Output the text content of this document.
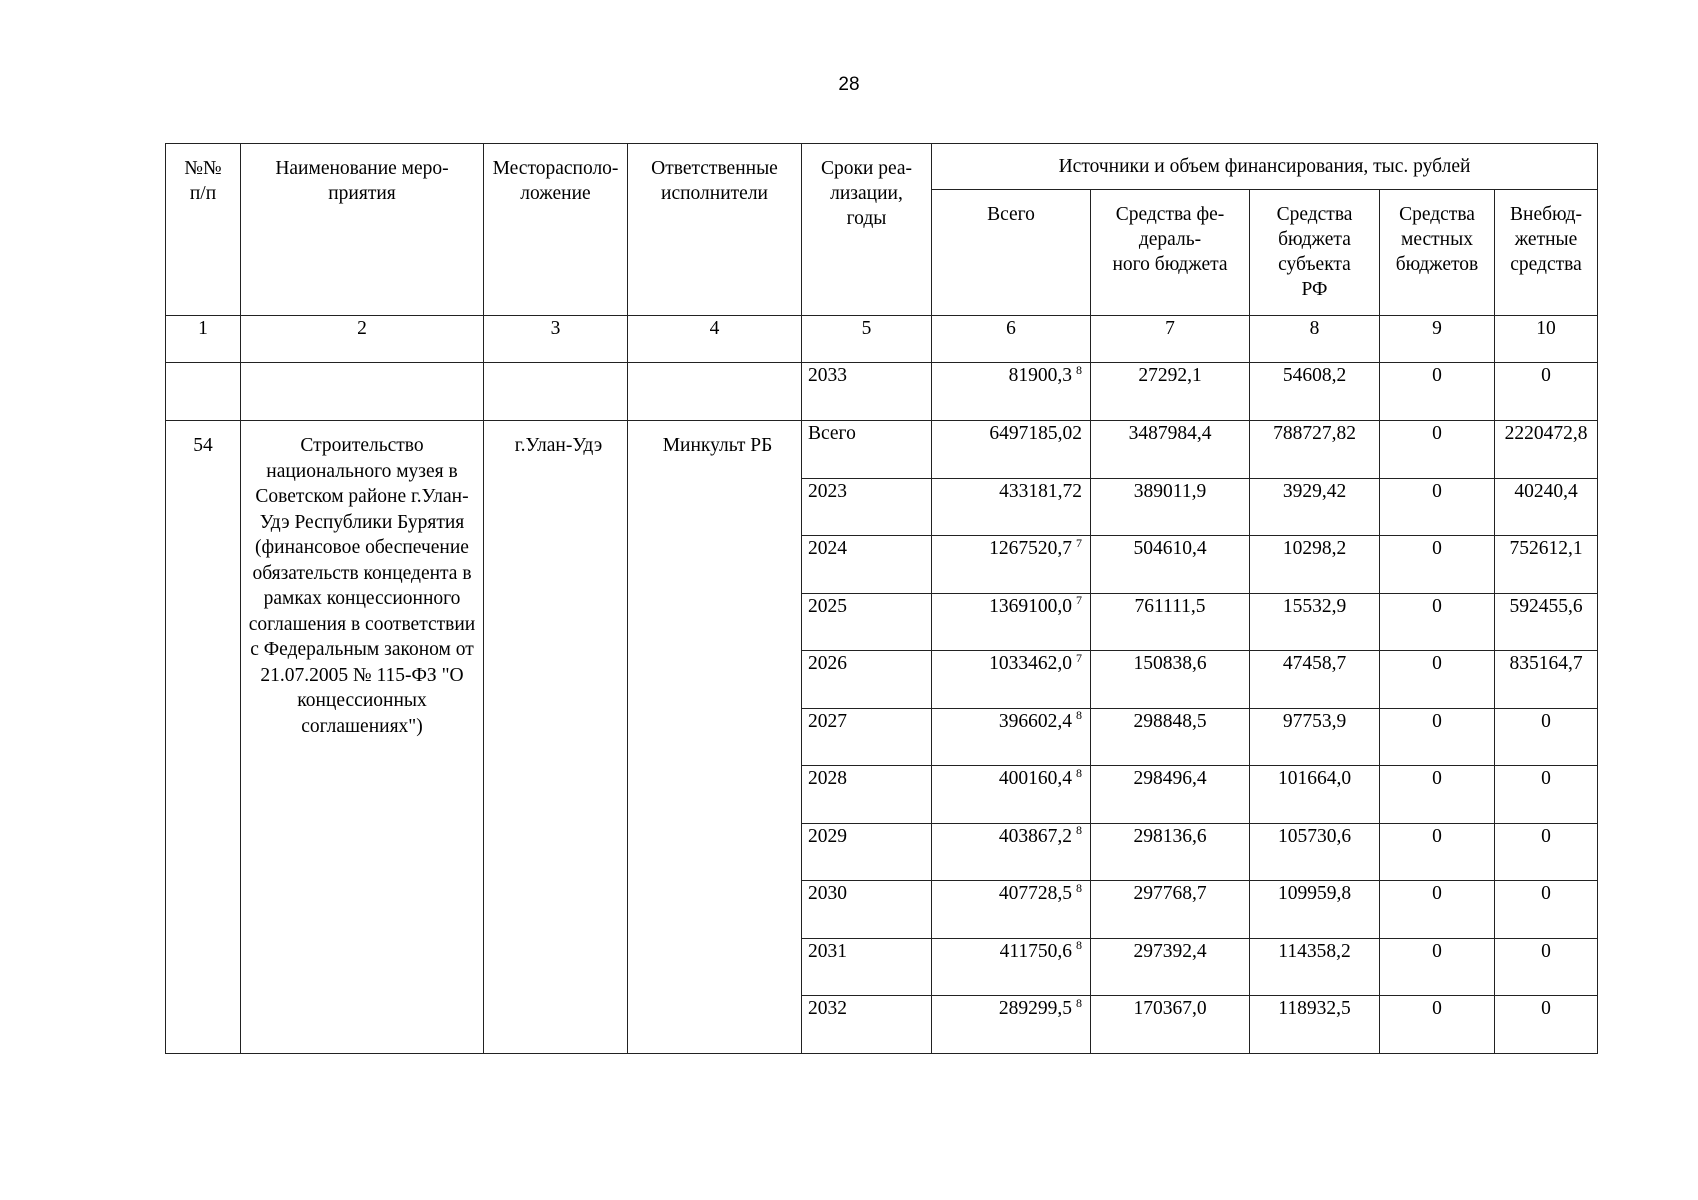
28
№№
п/п	Наименование меро-
приятия	Месторасполо-
ложение	Ответственные
исполнители	Сроки реа-
лизации,
годы	Источники и объем финансирования, тыс. рублей				
					Всего	Средства фе-
дераль-
ного бюджета	Средства
бюджета
субъекта
РФ	Средства
местных
бюджетов	Внебюд-
жетные
средства
1	2	3	4	5	6	7	8	9	10
				2033	81900,3 $^8$	27292,1	54608,2	0	0
54	Строительство национального музея в Советском районе г.Улан-Удэ Республики Бурятия (финансовое обеспечение обязательств концедента в рамках концессионного соглашения в соответствии с Федеральным законом от 21.07.2005 № 115-ФЗ "О концессионных соглашениях")	г.Улан-Удэ	Минкульт РБ	Всего	6497185,02	3487984,4	788727,82	0	2220472,8
				2023	433181,72	389011,9	3929,42	0	40240,4
				2024	1267520,7 $^7$	504610,4	10298,2	0	752612,1
				2025	1369100,0 $^7$	761111,5	15532,9	0	592455,6
				2026	1033462,0 $^7$	150838,6	47458,7	0	835164,7
				2027	396602,4 $^8$	298848,5	97753,9	0	0
				2028	400160,4 $^8$	298496,4	101664,0	0	0
				2029	403867,2 $^8$	298136,6	105730,6	0	0
				2030	407728,5 $^8$	297768,7	109959,8	0	0
				2031	411750,6 $^8$	297392,4	114358,2	0	0
				2032	289299,5 $^8$	170367,0	118932,5	0	0
